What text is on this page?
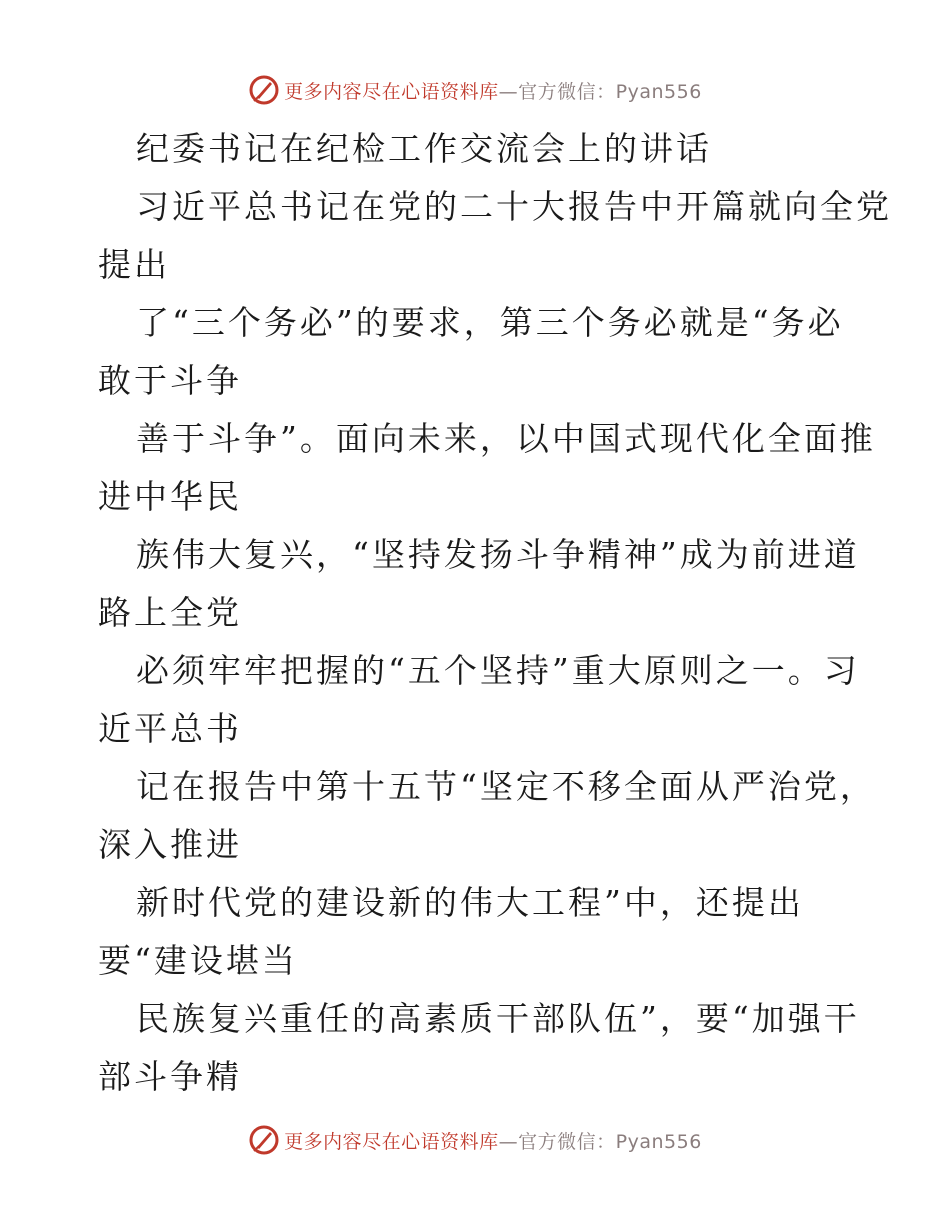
更多内容尽在心语资料库—官方微信：Pyan556
纪委书记在纪检工作交流会上的讲话
习近平总书记在党的二十大报告中开篇就向全党
提出
了“三个务必”的要求，第三个务必就是“务必
敢于斗争
善于斗争”。面向未来，以中国式现代化全面推
进中华民
族伟大复兴，“坚持发扬斗争精神”成为前进道
路上全党
必须牢牢把握的“五个坚持”重大原则之一。习
近平总书
记在报告中第十五节“坚定不移全面从严治党，
深入推进
新时代党的建设新的伟大工程”中，还提出
要“建设堪当
民族复兴重任的高素质干部队伍”，要“加强干
部斗争精
更多内容尽在心语资料库—官方微信：Pyan556
